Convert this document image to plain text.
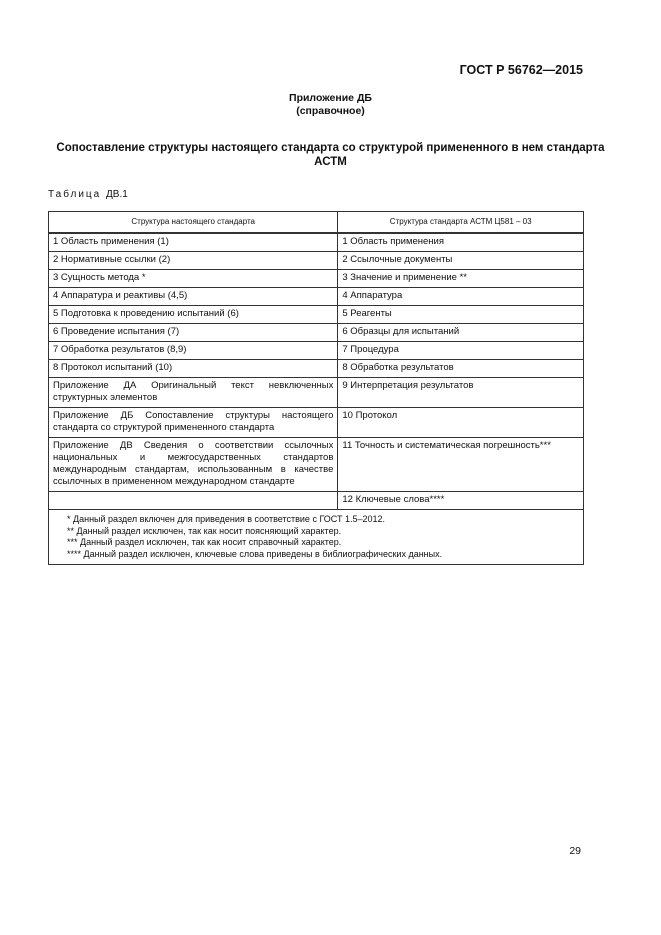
ГОСТ Р 56762—2015
Приложение ДБ
(справочное)
Сопоставление структуры настоящего стандарта со структурой примененного в нем стандарта АСТМ
Таблица ДВ.1
Структура настоящего стандарта	Структура стандарта АСТМ Ц581 – 03
1 Область применения (1)	1 Область применения
2 Нормативные ссылки (2)	2 Ссылочные документы
3 Сущность метода *	3 Значение и применение **
4 Аппаратура и реактивы (4,5)	4 Аппаратура
5 Подготовка к проведению испытаний (6)	5 Реагенты
6 Проведение испытания (7)	6 Образцы для испытаний
7 Обработка результатов (8,9)	7 Процедура
8 Протокол испытаний (10)	8 Обработка результатов
Приложение ДА Оригинальный текст невключенных структурных элементов	9 Интерпретация результатов
Приложение ДБ Сопоставление структуры настоящего стандарта со структурой примененного стандарта	10 Протокол
Приложение ДВ Сведения о соответствии ссылочных национальных и межгосударственных стандартов международным стандартам, использованным в качестве ссылочных в примененном международном стандарте	11 Точность и систематическая погрешность***
	12 Ключевые слова****

* Данный раздел включен для приведения в соответствие с ГОСТ 1.5–2012.
** Данный раздел исключен, так как носит поясняющий характер.
*** Данный раздел исключен, так как носит справочный характер.
**** Данный раздел исключен, ключевые слова приведены в библиографических данных.	
29
